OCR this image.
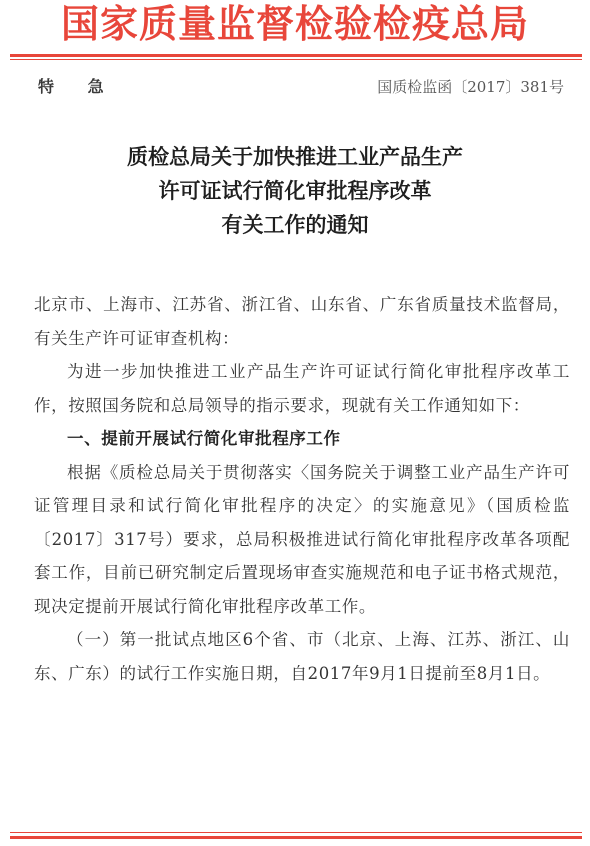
国家质量监督检验检疫总局
特 急	国质检监函〔2017〕381号
质检总局关于加快推进工业产品生产
许可证试行简化审批程序改革
有关工作的通知

北京市、上海市、江苏省、浙江省、山东省、广东省质量技术监督局，有关生产许可证审查机构：

为进一步加快推进工业产品生产许可证试行简化审批程序改革工作，按照国务院和总局领导的指示要求，现就有关工作通知如下：

一、提前开展试行简化审批程序工作

根据《质检总局关于贯彻落实〈国务院关于调整工业产品生产许可证管理目录和试行简化审批程序的决定〉的实施意见》（国质检监〔2017〕317号）要求，总局积极推进试行简化审批程序改革各项配套工作，目前已研究制定后置现场审查实施规范和电子证书格式规范，现决定提前开展试行简化审批程序改革工作。

（一）第一批试点地区6个省、市（北京、上海、江苏、浙江、山东、广东）的试行工作实施日期，自2017年9月1日提前至8月1日。
